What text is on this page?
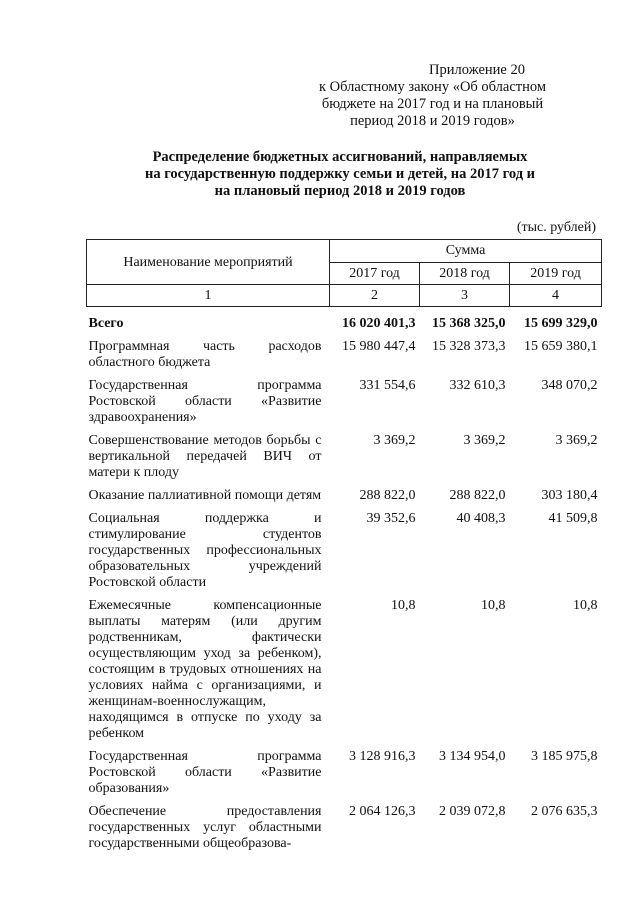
Приложение 20
к Областному закону «Об областном
бюджете на 2017 год и на плановый
период 2018 и 2019 годов»
Распределение бюджетных ассигнований, направляемых
на государственную поддержку семьи и детей, на 2017 год и
на плановый период 2018 и 2019 годов
(тыс. рублей)
Наименование мероприятий	Сумма		
	2017 год	2018 год	2019 год
1	2	3	4

Всего	16 020 401,3	15 368 325,0	15 699 329,0
Программная часть расходов областного бюджета	15 980 447,4	15 328 373,3	15 659 380,1
Государственная программа Ростовской области «Развитие здравоохранения»	331 554,6	332 610,3	348 070,2
Совершенствование методов борьбы с вертикальной передачей ВИЧ от матери к плоду	3 369,2	3 369,2	3 369,2
Оказание паллиативной помощи детям	288 822,0	288 822,0	303 180,4
Социальная поддержка и стимулирование студентов государственных профессиональных образовательных учреждений Ростовской области	39 352,6	40 408,3	41 509,8
Ежемесячные компенсационные выплаты матерям (или другим родственникам, фактически осуществляющим уход за ребенком), состоящим в трудовых отношениях на условиях найма с организациями, и женщинам-военнослужащим, находящимся в отпуске по уходу за ребенком	10,8	10,8	10,8
Государственная программа Ростовской области «Развитие образования»	3 128 916,3	3 134 954,0	3 185 975,8
Обеспечение предоставления государственных услуг областными государственными общеобразова-	2 064 126,3	2 039 072,8	2 076 635,3
